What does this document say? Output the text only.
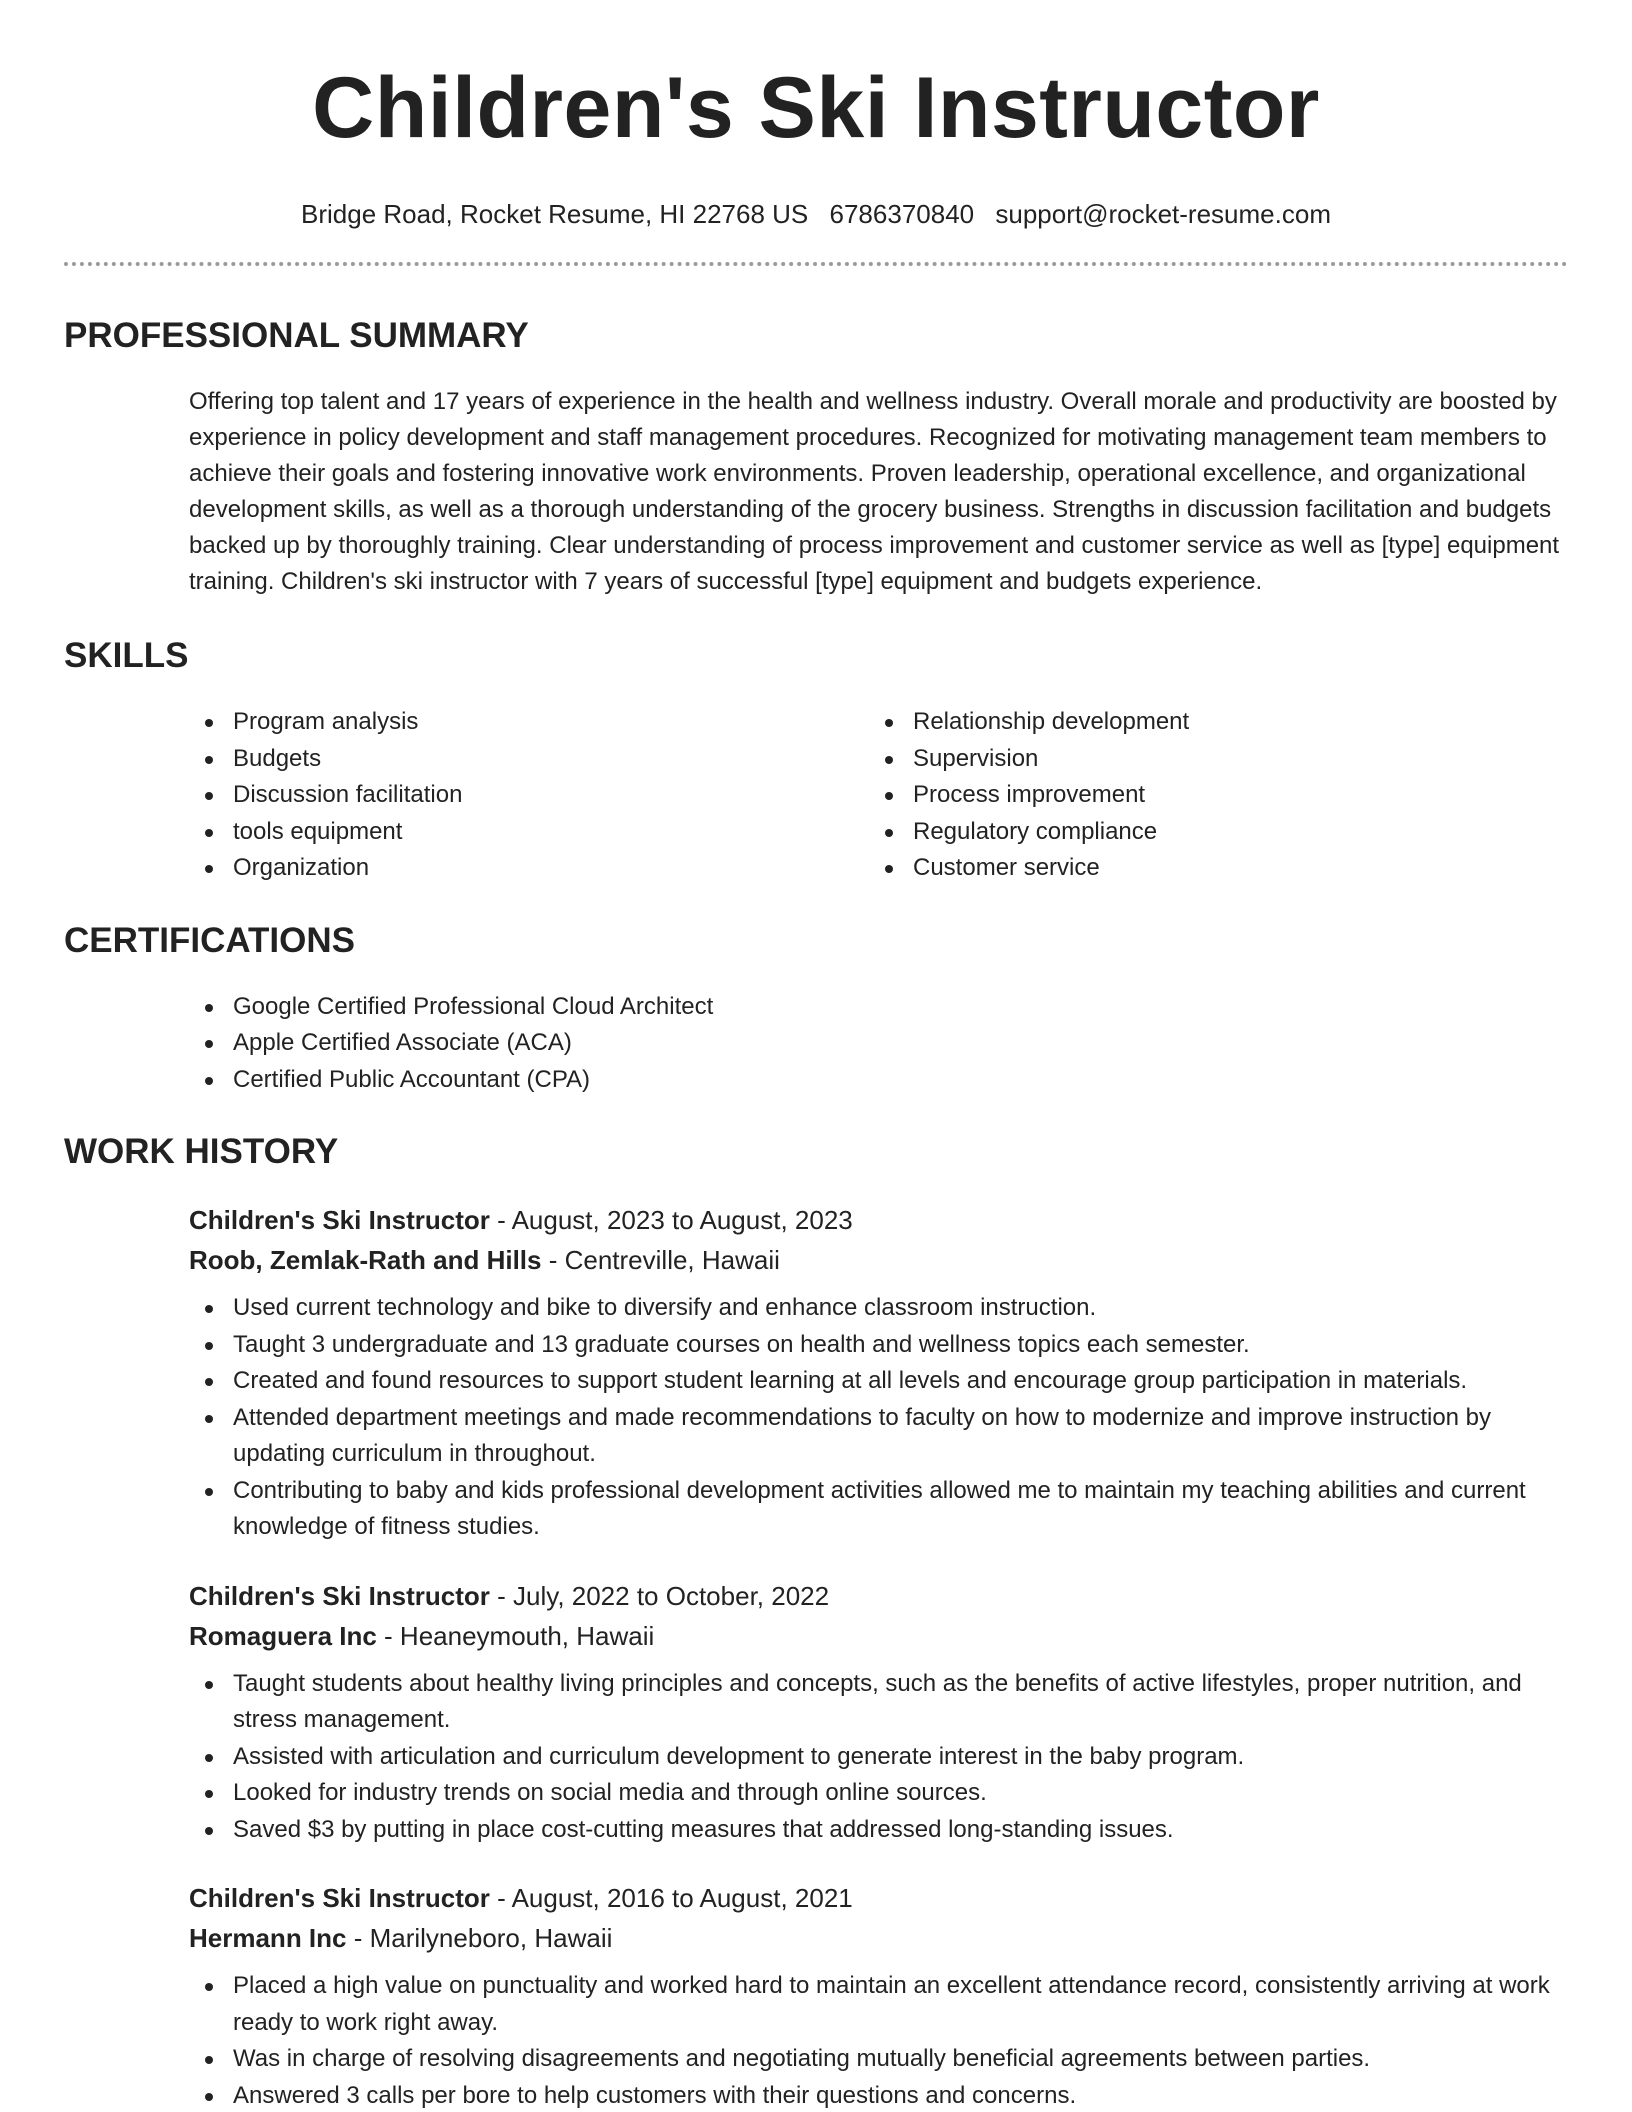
Children's Ski Instructor
Bridge Road, Rocket Resume, HI 22768 US 6786370840 support@rocket-resume.com
PROFESSIONAL SUMMARY

Offering top talent and 17 years of experience in the health and wellness industry. Overall morale and productivity are boosted by experience in policy development and staff management procedures. Recognized for motivating management team members to achieve their goals and fostering innovative work environments. Proven leadership, operational excellence, and organizational development skills, as well as a thorough understanding of the grocery business. Strengths in discussion facilitation and budgets backed up by thoroughly training. Clear understanding of process improvement and customer service as well as [type] equipment training. Children's ski instructor with 7 years of successful [type] equipment and budgets experience.

SKILLS
Program analysis
Budgets
Discussion facilitation
tools equipment
Organization
Relationship development
Supervision
Process improvement
Regulatory compliance
Customer service
CERTIFICATIONS
Google Certified Professional Cloud Architect
Apple Certified Associate (ACA)
Certified Public Accountant (CPA)
WORK HISTORY
Children's Ski Instructor - August, 2023 to August, 2023
Roob, Zemlak-Rath and Hills - Centreville, Hawaii
Used current technology and bike to diversify and enhance classroom instruction.
Taught 3 undergraduate and 13 graduate courses on health and wellness topics each semester.
Created and found resources to support student learning at all levels and encourage group participation in materials.
Attended department meetings and made recommendations to faculty on how to modernize and improve instruction by updating curriculum in throughout.
Contributing to baby and kids professional development activities allowed me to maintain my teaching abilities and current knowledge of fitness studies.
Children's Ski Instructor - July, 2022 to October, 2022
Romaguera Inc - Heaneymouth, Hawaii
Taught students about healthy living principles and concepts, such as the benefits of active lifestyles, proper nutrition, and stress management.
Assisted with articulation and curriculum development to generate interest in the baby program.
Looked for industry trends on social media and through online sources.
Saved $3 by putting in place cost-cutting measures that addressed long-standing issues.
Children's Ski Instructor - August, 2016 to August, 2021
Hermann Inc - Marilyneboro, Hawaii
Placed a high value on punctuality and worked hard to maintain an excellent attendance record, consistently arriving at work ready to work right away.
Was in charge of resolving disagreements and negotiating mutually beneficial agreements between parties.
Answered 3 calls per bore to help customers with their questions and concerns.
